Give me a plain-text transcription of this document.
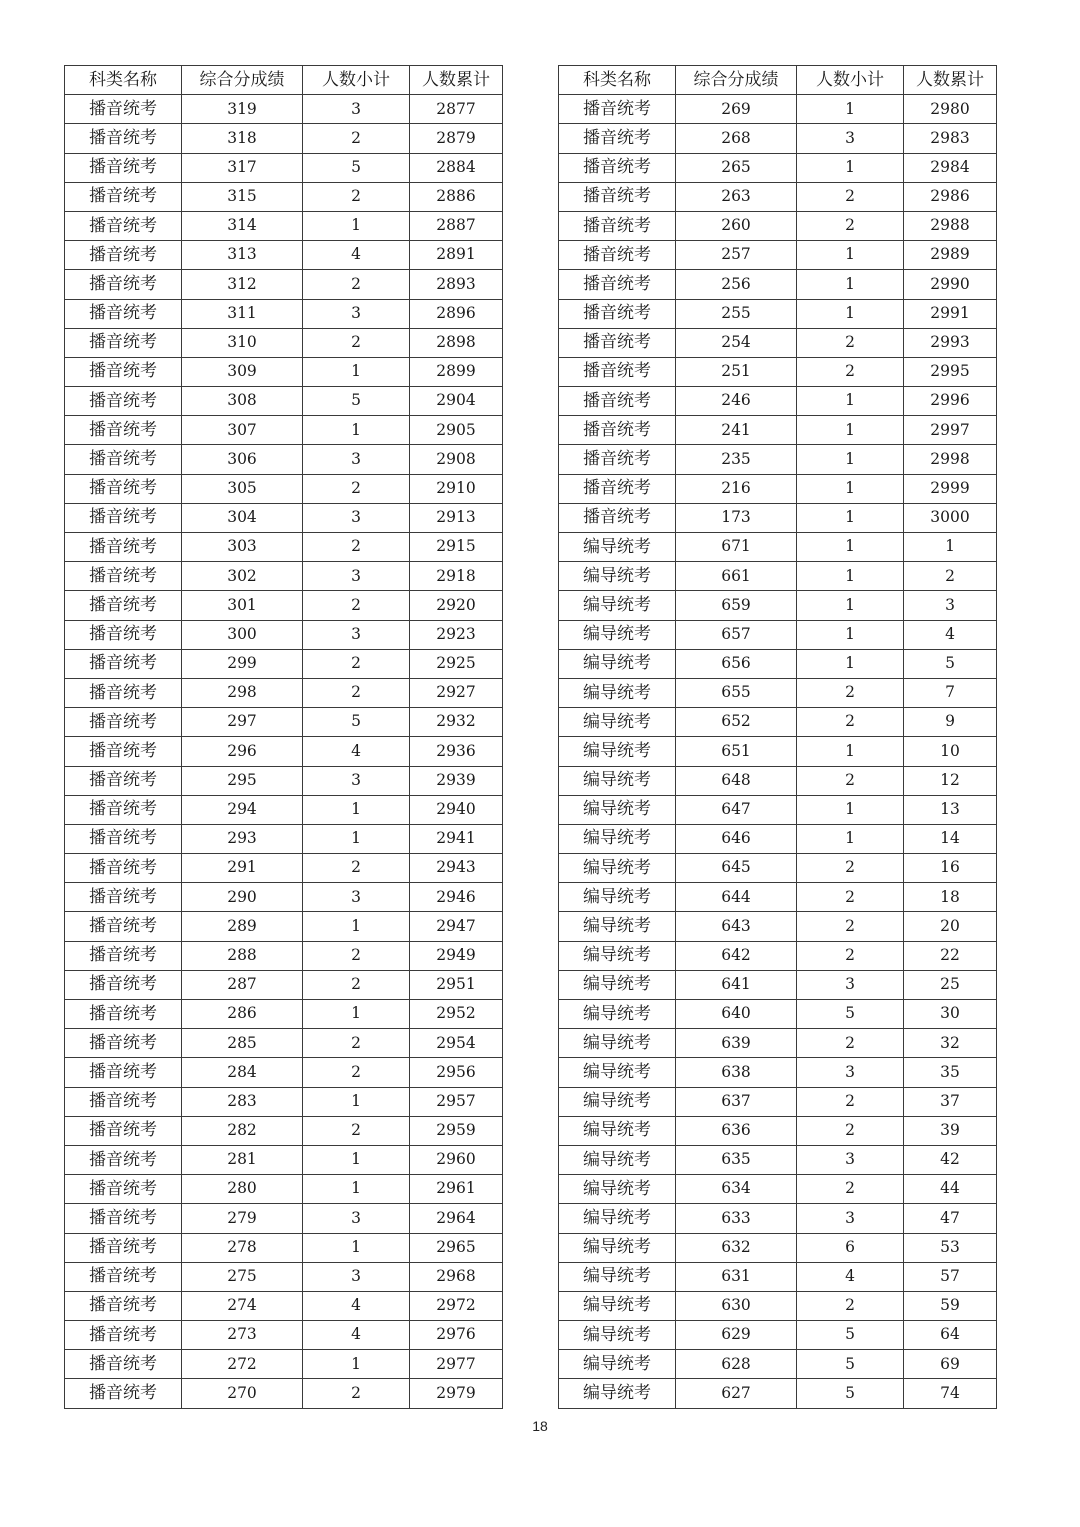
科类名称	综合分成绩	人数小计	人数累计
播音统考	319	3	2877
播音统考	318	2	2879
播音统考	317	5	2884
播音统考	315	2	2886
播音统考	314	1	2887
播音统考	313	4	2891
播音统考	312	2	2893
播音统考	311	3	2896
播音统考	310	2	2898
播音统考	309	1	2899
播音统考	308	5	2904
播音统考	307	1	2905
播音统考	306	3	2908
播音统考	305	2	2910
播音统考	304	3	2913
播音统考	303	2	2915
播音统考	302	3	2918
播音统考	301	2	2920
播音统考	300	3	2923
播音统考	299	2	2925
播音统考	298	2	2927
播音统考	297	5	2932
播音统考	296	4	2936
播音统考	295	3	2939
播音统考	294	1	2940
播音统考	293	1	2941
播音统考	291	2	2943
播音统考	290	3	2946
播音统考	289	1	2947
播音统考	288	2	2949
播音统考	287	2	2951
播音统考	286	1	2952
播音统考	285	2	2954
播音统考	284	2	2956
播音统考	283	1	2957
播音统考	282	2	2959
播音统考	281	1	2960
播音统考	280	1	2961
播音统考	279	3	2964
播音统考	278	1	2965
播音统考	275	3	2968
播音统考	274	4	2972
播音统考	273	4	2976
播音统考	272	1	2977
播音统考	270	2	2979
科类名称	综合分成绩	人数小计	人数累计
播音统考	269	1	2980
播音统考	268	3	2983
播音统考	265	1	2984
播音统考	263	2	2986
播音统考	260	2	2988
播音统考	257	1	2989
播音统考	256	1	2990
播音统考	255	1	2991
播音统考	254	2	2993
播音统考	251	2	2995
播音统考	246	1	2996
播音统考	241	1	2997
播音统考	235	1	2998
播音统考	216	1	2999
播音统考	173	1	3000
编导统考	671	1	1
编导统考	661	1	2
编导统考	659	1	3
编导统考	657	1	4
编导统考	656	1	5
编导统考	655	2	7
编导统考	652	2	9
编导统考	651	1	10
编导统考	648	2	12
编导统考	647	1	13
编导统考	646	1	14
编导统考	645	2	16
编导统考	644	2	18
编导统考	643	2	20
编导统考	642	2	22
编导统考	641	3	25
编导统考	640	5	30
编导统考	639	2	32
编导统考	638	3	35
编导统考	637	2	37
编导统考	636	2	39
编导统考	635	3	42
编导统考	634	2	44
编导统考	633	3	47
编导统考	632	6	53
编导统考	631	4	57
编导统考	630	2	59
编导统考	629	5	64
编导统考	628	5	69
编导统考	627	5	74
18
